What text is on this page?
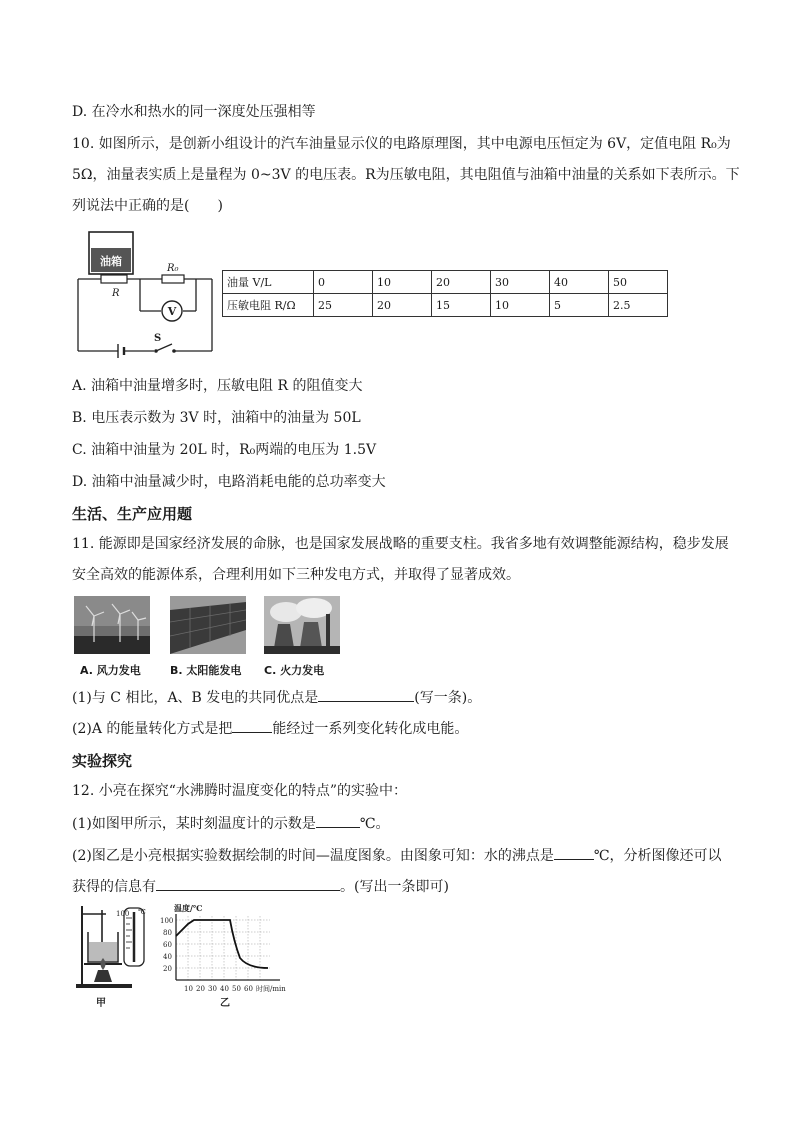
D. 在冷水和热水的同一深度处压强相等
10. 如图所示，是创新小组设计的汽车油量显示仪的电路原理图，其中电源电压恒定为 6V，定值电阻 R₀为
5Ω，油量表实质上是量程为 0~3V 的电压表。R为压敏电阻，其电阻值与油箱中油量的关系如下表所示。下
列说法中正确的是(　　)
油箱
R
S
R₀
V
油量 V/L	0	10	20	30	40	50
压敏电阻 R/Ω	25	20	15	10	5	2.5
A. 油箱中油量增多时，压敏电阻 R 的阻值变大
B. 电压表示数为 3V 时，油箱中的油量为 50L
C. 油箱中油量为 20L 时，R₀两端的电压为 1.5V
D. 油箱中油量减少时，电路消耗电能的总功率变大
生活、生产应用题
11. 能源即是国家经济发展的命脉，也是国家发展战略的重要支柱。我省多地有效调整能源结构，稳步发展
安全高效的能源体系，合理利用如下三种发电方式，并取得了显著成效。
A. 风力发电	B. 太阳能发电 C. 火力发电
(1)与 C 相比，A、B 发电的共同优点是	(写一条)。
(2)A 的能量转化方式是把	能经过一系列变化转化成电能。
实验探究
12. 小亮在探究“水沸腾时温度变化的特点”的实验中：
(1)如图甲所示，某时刻温度计的示数是	℃。
(2)图乙是小亮根据实验数据绘制的时间—温度图象。由图象可知：水的沸点是	℃，分析图像还可以
获得的信息有	。(写出一条即可)
100 ℃
甲
温度/℃
100
80
60
40
20
10 20 30 40 50 60 时间/min
乙
